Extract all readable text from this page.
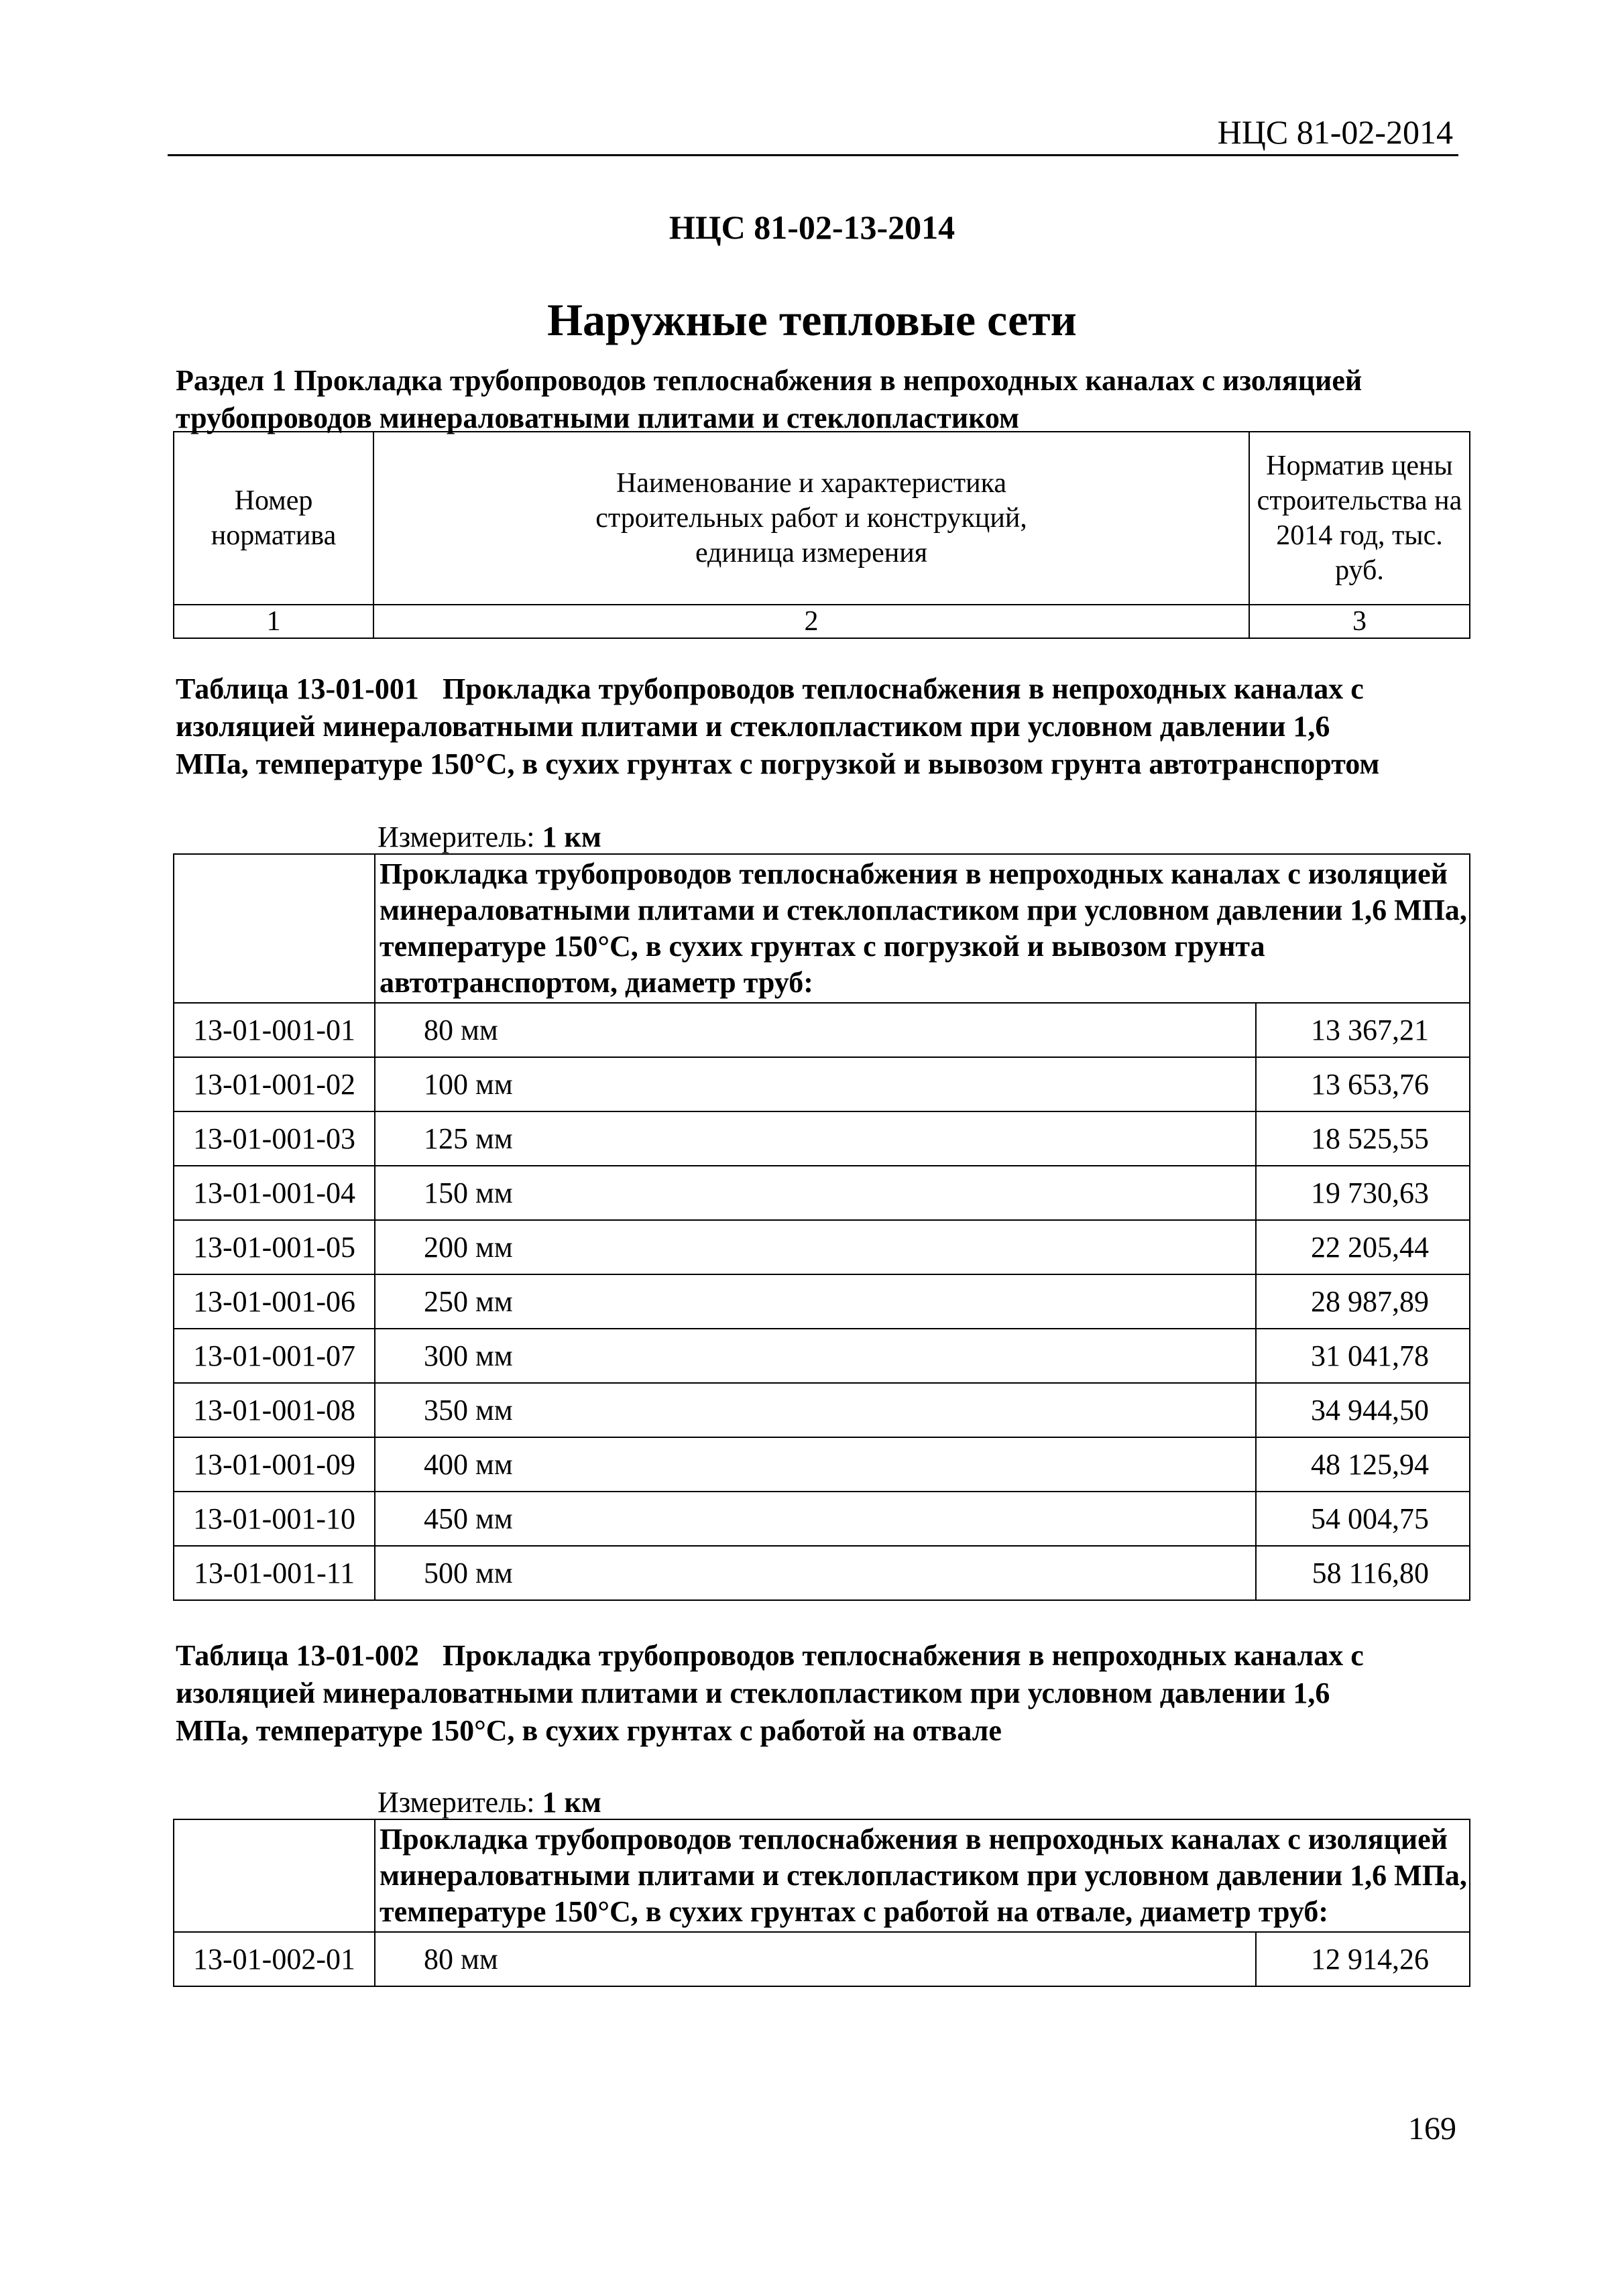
НЦС 81-02-2014
НЦС 81-02-13-2014
Наружные тепловые сети
Раздел 1 Прокладка трубопроводов теплоснабжения в непроходных каналах с изоляцией трубопроводов минераловатными плитами и стеклопластиком
Номер норматива	Наименование и характеристика строительных работ и конструкций, единица измерения	Норматив цены строительства на 2014 год, тыс. руб.

1	2	3
Таблица 13-01-001 Прокладка трубопроводов теплоснабжения в непроходных каналах с изоляцией минераловатными плитами и стеклопластиком при условном давлении 1,6 МПа, температуре 150°С, в сухих грунтах с погрузкой и вывозом грунта автотранспортом
Измеритель: 1 км
	Прокладка трубопроводов теплоснабжения в непроходных каналах с изоляцией минераловатными плитами и стеклопластиком при условном давлении 1,6 МПа, температуре 150°С, в сухих грунтах с погрузкой и вывозом грунта автотранспортом, диаметр труб:	
13-01-001-01	80 мм	13 367,21
13-01-001-02	100 мм	13 653,76
13-01-001-03	125 мм	18 525,55
13-01-001-04	150 мм	19 730,63
13-01-001-05	200 мм	22 205,44
13-01-001-06	250 мм	28 987,89
13-01-001-07	300 мм	31 041,78
13-01-001-08	350 мм	34 944,50
13-01-001-09	400 мм	48 125,94
13-01-001-10	450 мм	54 004,75
13-01-001-11	500 мм	58 116,80
Таблица 13-01-002 Прокладка трубопроводов теплоснабжения в непроходных каналах с изоляцией минераловатными плитами и стеклопластиком при условном давлении 1,6 МПа, температуре 150°С, в сухих грунтах с работой на отвале
Измеритель: 1 км
	Прокладка трубопроводов теплоснабжения в непроходных каналах с изоляцией минераловатными плитами и стеклопластиком при условном давлении 1,6 МПа, температуре 150°С, в сухих грунтах с работой на отвале, диаметр труб:	
13-01-002-01	80 мм	12 914,26
169
